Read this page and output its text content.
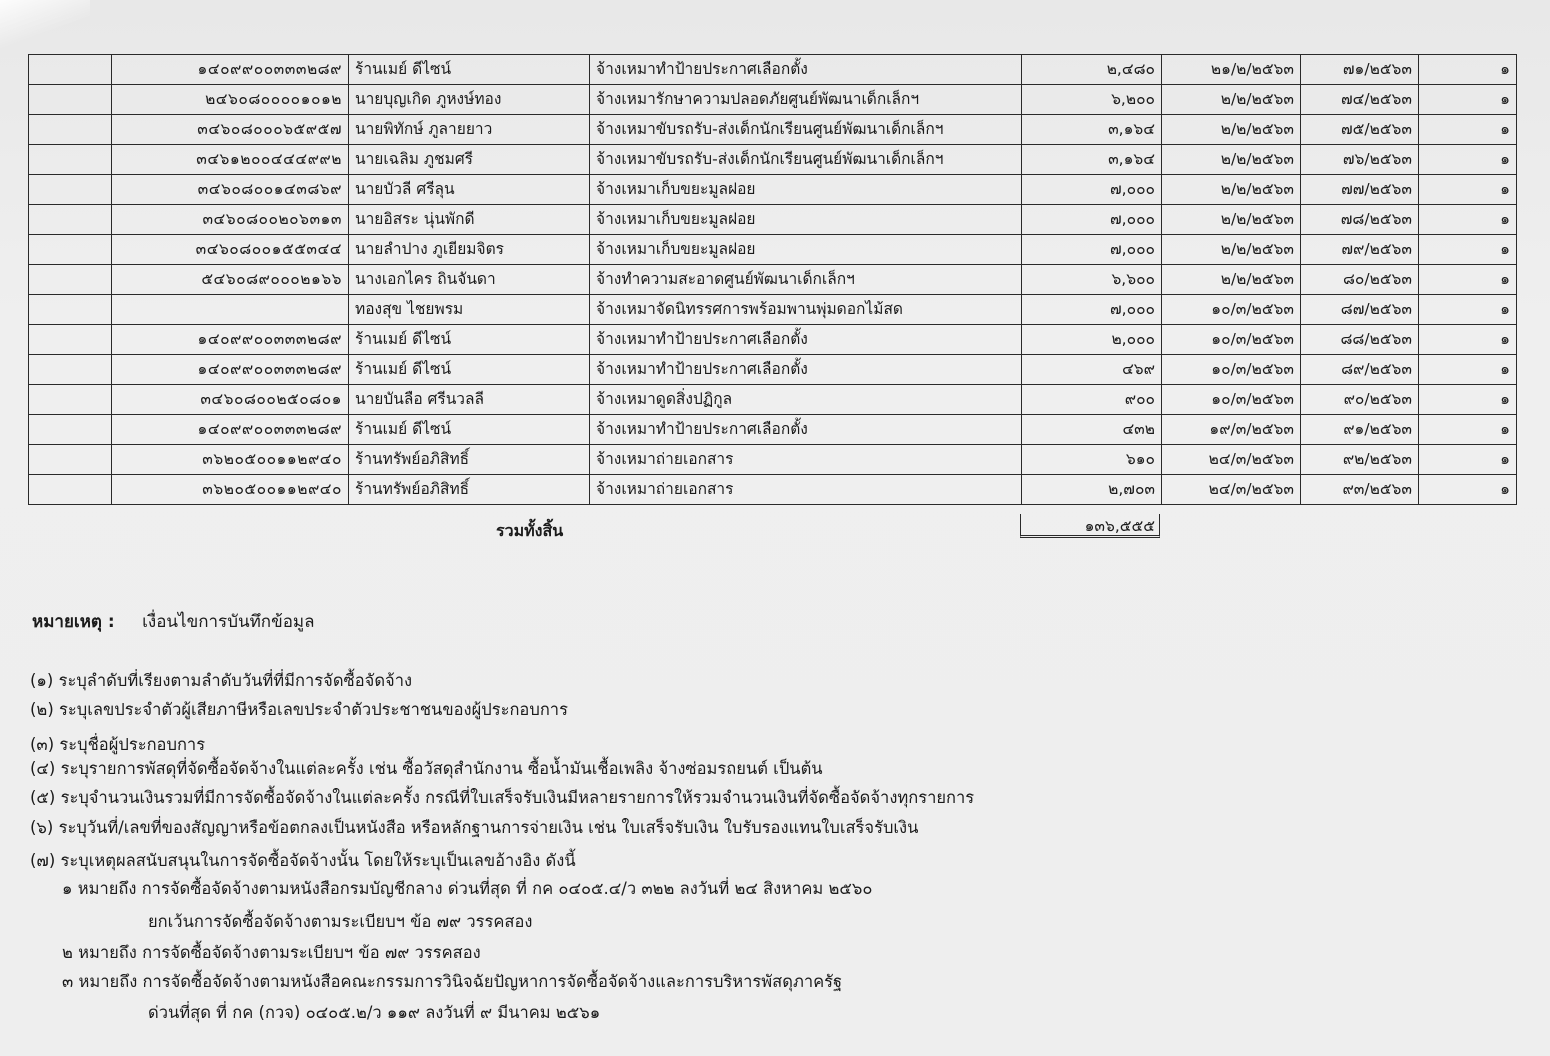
	๑๔๐๙๙๐๐๓๓๓๒๘๙	ร้านเมย์ ดีไซน์	จ้างเหมาทำป้ายประกาศเลือกตั้ง	๒,๔๘๐	๒๑/๒/๒๕๖๓	๗๑/๒๕๖๓	๑
	๒๔๖๐๘๐๐๐๐๑๐๑๒	นายบุญเกิด ภูหงษ์ทอง	จ้างเหมารักษาความปลอดภัยศูนย์พัฒนาเด็กเล็กฯ	๖,๒๐๐	๒/๒/๒๕๖๓	๗๔/๒๕๖๓	๑
	๓๔๖๐๘๐๐๐๖๕๙๕๗	นายพิทักษ์ ภูลายยาว	จ้างเหมาขับรถรับ-ส่งเด็กนักเรียนศูนย์พัฒนาเด็กเล็กฯ	๓,๑๖๔	๒/๒/๒๕๖๓	๗๕/๒๕๖๓	๑
	๓๔๖๑๒๐๐๔๔๔๙๙๒	นายเฉลิม ภูชมศรี	จ้างเหมาขับรถรับ-ส่งเด็กนักเรียนศูนย์พัฒนาเด็กเล็กฯ	๓,๑๖๔	๒/๒/๒๕๖๓	๗๖/๒๕๖๓	๑
	๓๔๖๐๘๐๐๑๔๓๘๖๙	นายบัวลี ศรีลุน	จ้างเหมาเก็บขยะมูลฝอย	๗,๐๐๐	๒/๒/๒๕๖๓	๗๗/๒๕๖๓	๑
	๓๔๖๐๘๐๐๒๐๖๓๑๓	นายอิสระ นุ่นพักดี	จ้างเหมาเก็บขยะมูลฝอย	๗,๐๐๐	๒/๒/๒๕๖๓	๗๘/๒๕๖๓	๑
	๓๔๖๐๘๐๐๑๕๕๓๔๔	นายลำปาง ภูเยียมจิตร	จ้างเหมาเก็บขยะมูลฝอย	๗,๐๐๐	๒/๒/๒๕๖๓	๗๙/๒๕๖๓	๑
	๕๔๖๐๘๙๐๐๐๒๑๖๖	นางเอกไคร ถินจันดา	จ้างทำความสะอาดศูนย์พัฒนาเด็กเล็กฯ	๖,๖๐๐	๒/๒/๒๕๖๓	๘๐/๒๕๖๓	๑
		ทองสุข ไชยพรม	จ้างเหมาจัดนิทรรศการพร้อมพานพุ่มดอกไม้สด	๗,๐๐๐	๑๐/๓/๒๕๖๓	๘๗/๒๕๖๓	๑
	๑๔๐๙๙๐๐๓๓๓๒๘๙	ร้านเมย์ ดีไซน์	จ้างเหมาทำป้ายประกาศเลือกตั้ง	๒,๐๐๐	๑๐/๓/๒๕๖๓	๘๘/๒๕๖๓	๑
	๑๔๐๙๙๐๐๓๓๓๒๘๙	ร้านเมย์ ดีไซน์	จ้างเหมาทำป้ายประกาศเลือกตั้ง	๔๖๙	๑๐/๓/๒๕๖๓	๘๙/๒๕๖๓	๑
	๓๔๖๐๘๐๐๒๕๐๘๐๑	นายบันลือ ศรีนวลลี	จ้างเหมาดูดสิ่งปฏิกูล	๙๐๐	๑๐/๓/๒๕๖๓	๙๐/๒๕๖๓	๑
	๑๔๐๙๙๐๐๓๓๓๒๘๙	ร้านเมย์ ดีไซน์	จ้างเหมาทำป้ายประกาศเลือกตั้ง	๔๓๒	๑๙/๓/๒๕๖๓	๙๑/๒๕๖๓	๑
	๓๖๒๐๕๐๐๑๑๒๙๔๐	ร้านทรัพย์อภิสิทธิ์	จ้างเหมาถ่ายเอกสาร	๖๑๐	๒๔/๓/๒๕๖๓	๙๒/๒๕๖๓	๑
	๓๖๒๐๕๐๐๑๑๒๙๔๐	ร้านทรัพย์อภิสิทธิ์	จ้างเหมาถ่ายเอกสาร	๒,๗๐๓	๒๔/๓/๒๕๖๓	๙๓/๒๕๖๓	๑
รวมทั้งสิ้น	๑๓๖,๕๕๕
หมายเหตุ : เงื่อนไขการบันทึกข้อมูล
(๑) ระบุลำดับที่เรียงตามลำดับวันที่ที่มีการจัดซื้อจัดจ้าง
(๒) ระบุเลขประจำตัวผู้เสียภาษีหรือเลขประจำตัวประชาชนของผู้ประกอบการ
(๓) ระบุชื่อผู้ประกอบการ
(๔) ระบุรายการพัสดุที่จัดซื้อจัดจ้างในแต่ละครั้ง เช่น ซื้อวัสดุสำนักงาน ซื้อน้ำมันเชื้อเพลิง จ้างซ่อมรถยนต์ เป็นต้น
(๕) ระบุจำนวนเงินรวมที่มีการจัดซื้อจัดจ้างในแต่ละครั้ง กรณีที่ใบเสร็จรับเงินมีหลายรายการให้รวมจำนวนเงินที่จัดซื้อจัดจ้างทุกรายการ
(๖) ระบุวันที่/เลขที่ของสัญญาหรือข้อตกลงเป็นหนังสือ หรือหลักฐานการจ่ายเงิน เช่น ใบเสร็จรับเงิน ใบรับรองแทนใบเสร็จรับเงิน
(๗) ระบุเหตุผลสนับสนุนในการจัดซื้อจัดจ้างนั้น โดยให้ระบุเป็นเลขอ้างอิง ดังนี้
๑ หมายถึง การจัดซื้อจัดจ้างตามหนังสือกรมบัญชีกลาง ด่วนที่สุด ที่ กค ๐๔๐๕.๔/ว ๓๒๒ ลงวันที่ ๒๔ สิงหาคม ๒๕๖๐
ยกเว้นการจัดซื้อจัดจ้างตามระเบียบฯ ข้อ ๗๙ วรรคสอง
๒ หมายถึง การจัดซื้อจัดจ้างตามระเบียบฯ ข้อ ๗๙ วรรคสอง
๓ หมายถึง การจัดซื้อจัดจ้างตามหนังสือคณะกรรมการวินิจฉัยปัญหาการจัดซื้อจัดจ้างและการบริหารพัสดุภาครัฐ
ด่วนที่สุด ที่ กค (กวจ) ๐๔๐๕.๒/ว ๑๑๙ ลงวันที่ ๙ มีนาคม ๒๕๖๑
